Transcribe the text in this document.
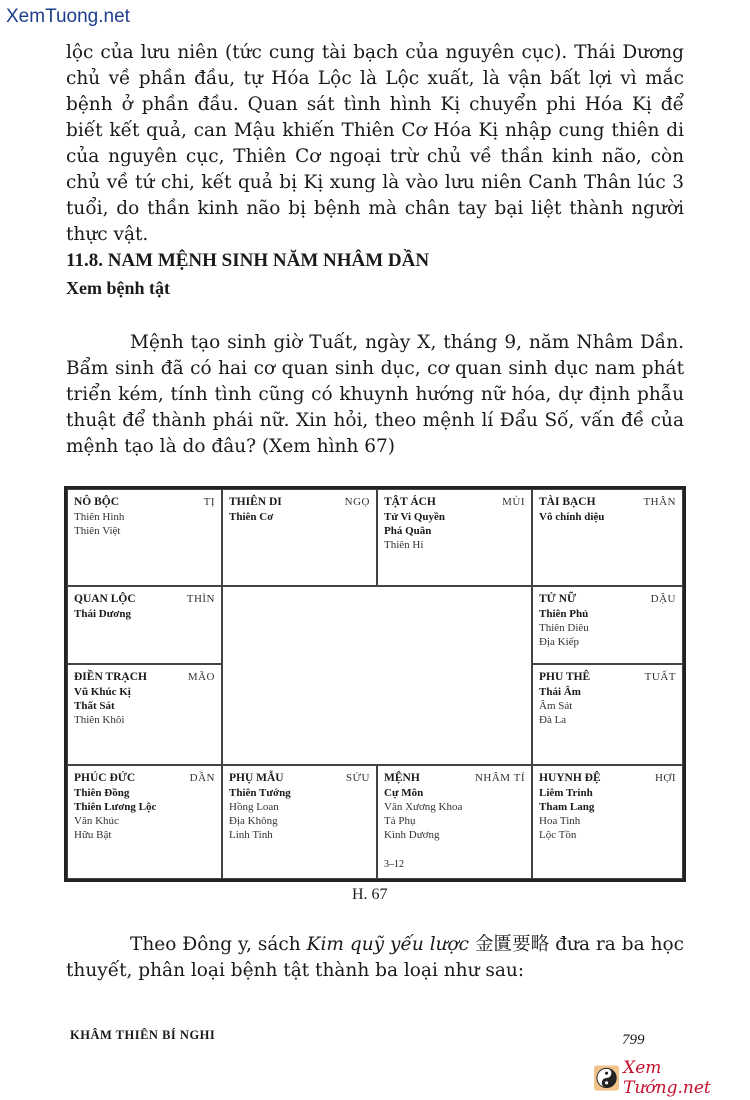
XemTuong.net

lộc của lưu niên (tức cung tài bạch của nguyên cục). Thái Dương chủ về phần đầu, tự Hóa Lộc là Lộc xuất, là vận bất lợi vì mắc bệnh ở phần đầu. Quan sát tình hình Kị chuyển phi Hóa Kị để biết kết quả, can Mậu khiến Thiên Cơ Hóa Kị nhập cung thiên di của nguyên cục, Thiên Cơ ngoại trừ chủ về thần kinh não, còn chủ về tứ chi, kết quả bị Kị xung là vào lưu niên Canh Thân lúc 3 tuổi, do thần kinh não bị bệnh mà chân tay bại liệt thành người thực vật.

11.8. NAM MỆNH SINH NĂM NHÂM DẦN
Xem bệnh tật

Mệnh tạo sinh giờ Tuất, ngày X, tháng 9, năm Nhâm Dần. Bẩm sinh đã có hai cơ quan sinh dục, cơ quan sinh dục nam phát triển kém, tính tình cũng có khuynh hướng nữ hóa, dự định phẫu thuật để thành phái nữ. Xin hỏi, theo mệnh lí Đẩu Số, vấn đề của mệnh tạo là do đâu? (Xem hình 67)

NÔ BỘC	TỊ
Thiên Hình
Thiên Việt
THIÊN DI	NGỌ
Thiên Cơ
TẬT ÁCH	MÙI
Tử Vi Quyền
Phá Quân
Thiên Hỉ
TÀI BẠCH	THÂN
Vô chính diệu
QUAN LỘC	THÌN
Thái Dương
TỬ NỮ	DẬU
Thiên Phủ
Thiên Diêu
Địa Kiếp
ĐIỀN TRẠCH	MÃO
Vũ Khúc Kị
Thất Sát
Thiên Khôi
PHU THÊ	TUẤT
Thái Âm
Âm Sát
Đà La
PHÚC ĐỨC	DẦN
Thiên Đồng
Thiên Lương Lộc
Văn Khúc
Hữu Bật
PHỤ MẪU	SỬU
Thiên Tướng
Hồng Loan
Địa Không
Linh Tinh
MỆNH	NHÂM TÍ
Cự Môn
Văn Xương Khoa
Tả Phụ
Kình Dương
3–12
HUYNH ĐỆ	HỢI
Liêm Trinh
Tham Lang
Hoa Tinh
Lộc Tồn
H. 67

Theo Đông y, sách Kim quỹ yếu lược 金匱要略 đưa ra ba học thuyết, phân loại bệnh tật thành ba loại như sau:

KHÂM THIÊN BÍ NGHI	799
Xem Tướng.net
